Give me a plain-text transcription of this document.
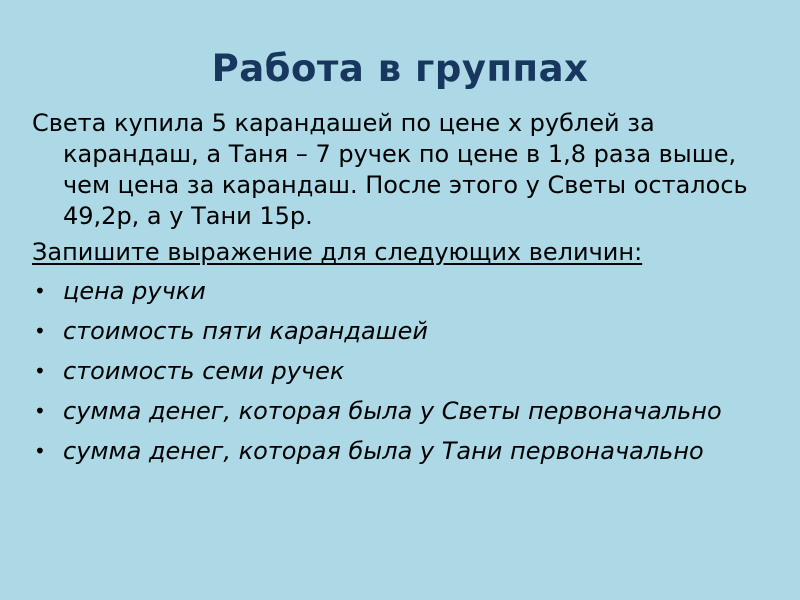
Работа в группах

Света купила 5 карандашей по цене x рублей за карандаш, а Таня – 7 ручек по цене в 1,8 раза выше, чем цена за карандаш. После этого у Светы осталось 49,2р, а у Тани 15р.

Запишите выражение для следующих величин:

• цена ручки
• стоимость пяти карандашей
• стоимость семи ручек
• сумма денег, которая была у Светы первоначально
• сумма денег, которая была у Тани первоначально
